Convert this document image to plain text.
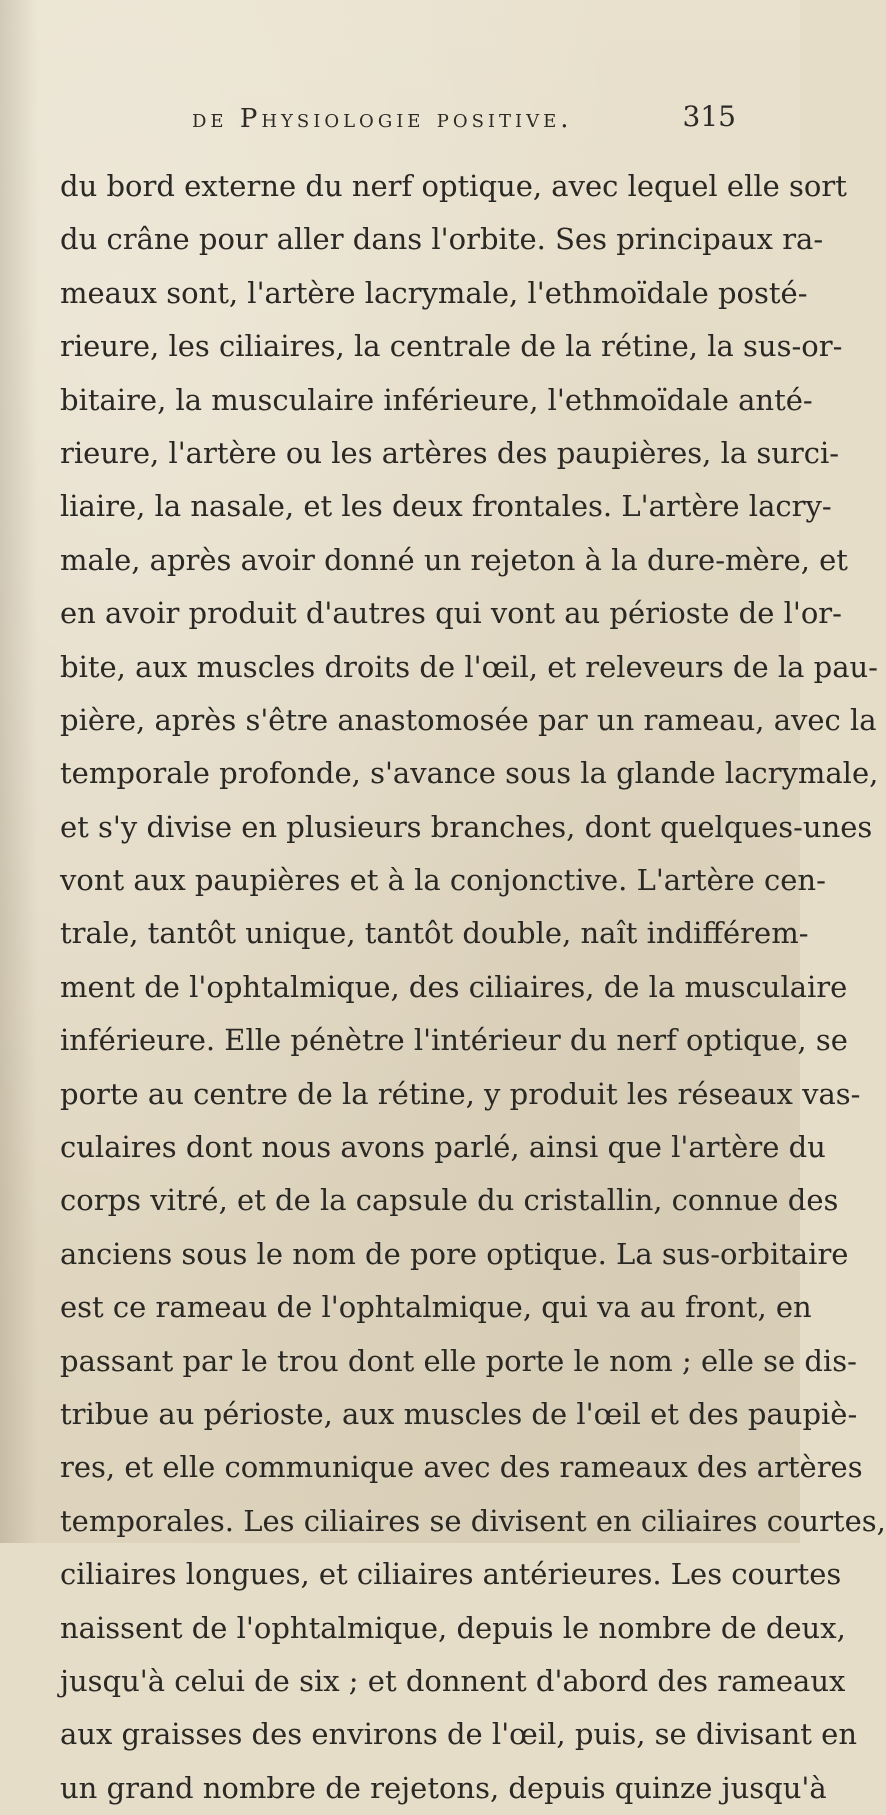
de Physiologie positive.	315
du bord externe du nerf optique, avec lequel elle sort
du crâne pour aller dans l'orbite. Ses principaux ra-
meaux sont, l'artère lacrymale, l'ethmoïdale posté-
rieure, les ciliaires, la centrale de la rétine, la sus-or-
bitaire, la musculaire inférieure, l'ethmoïdale anté-
rieure, l'artère ou les artères des paupières, la surci-
liaire, la nasale, et les deux frontales. L'artère lacry-
male, après avoir donné un rejeton à la dure-mère, et
en avoir produit d'autres qui vont au périoste de l'or-
bite, aux muscles droits de l'œil, et releveurs de la pau-
pière, après s'être anastomosée par un rameau, avec la
temporale profonde, s'avance sous la glande lacrymale,
et s'y divise en plusieurs branches, dont quelques-unes
vont aux paupières et à la conjonctive. L'artère cen-
trale, tantôt unique, tantôt double, naît indifférem-
ment de l'ophtalmique, des ciliaires, de la musculaire
inférieure. Elle pénètre l'intérieur du nerf optique, se
porte au centre de la rétine, y produit les réseaux vas-
culaires dont nous avons parlé, ainsi que l'artère du
corps vitré, et de la capsule du cristallin, connue des
anciens sous le nom de pore optique. La sus-orbitaire
est ce rameau de l'ophtalmique, qui va au front, en
passant par le trou dont elle porte le nom ; elle se dis-
tribue au périoste, aux muscles de l'œil et des paupiè-
res, et elle communique avec des rameaux des artères
temporales. Les ciliaires se divisent en ciliaires courtes,
ciliaires longues, et ciliaires antérieures. Les courtes
naissent de l'ophtalmique, depuis le nombre de deux,
jusqu'à celui de six ; et donnent d'abord des rameaux
aux graisses des environs de l'œil, puis, se divisant en
un grand nombre de rejetons, depuis quinze jusqu'à
